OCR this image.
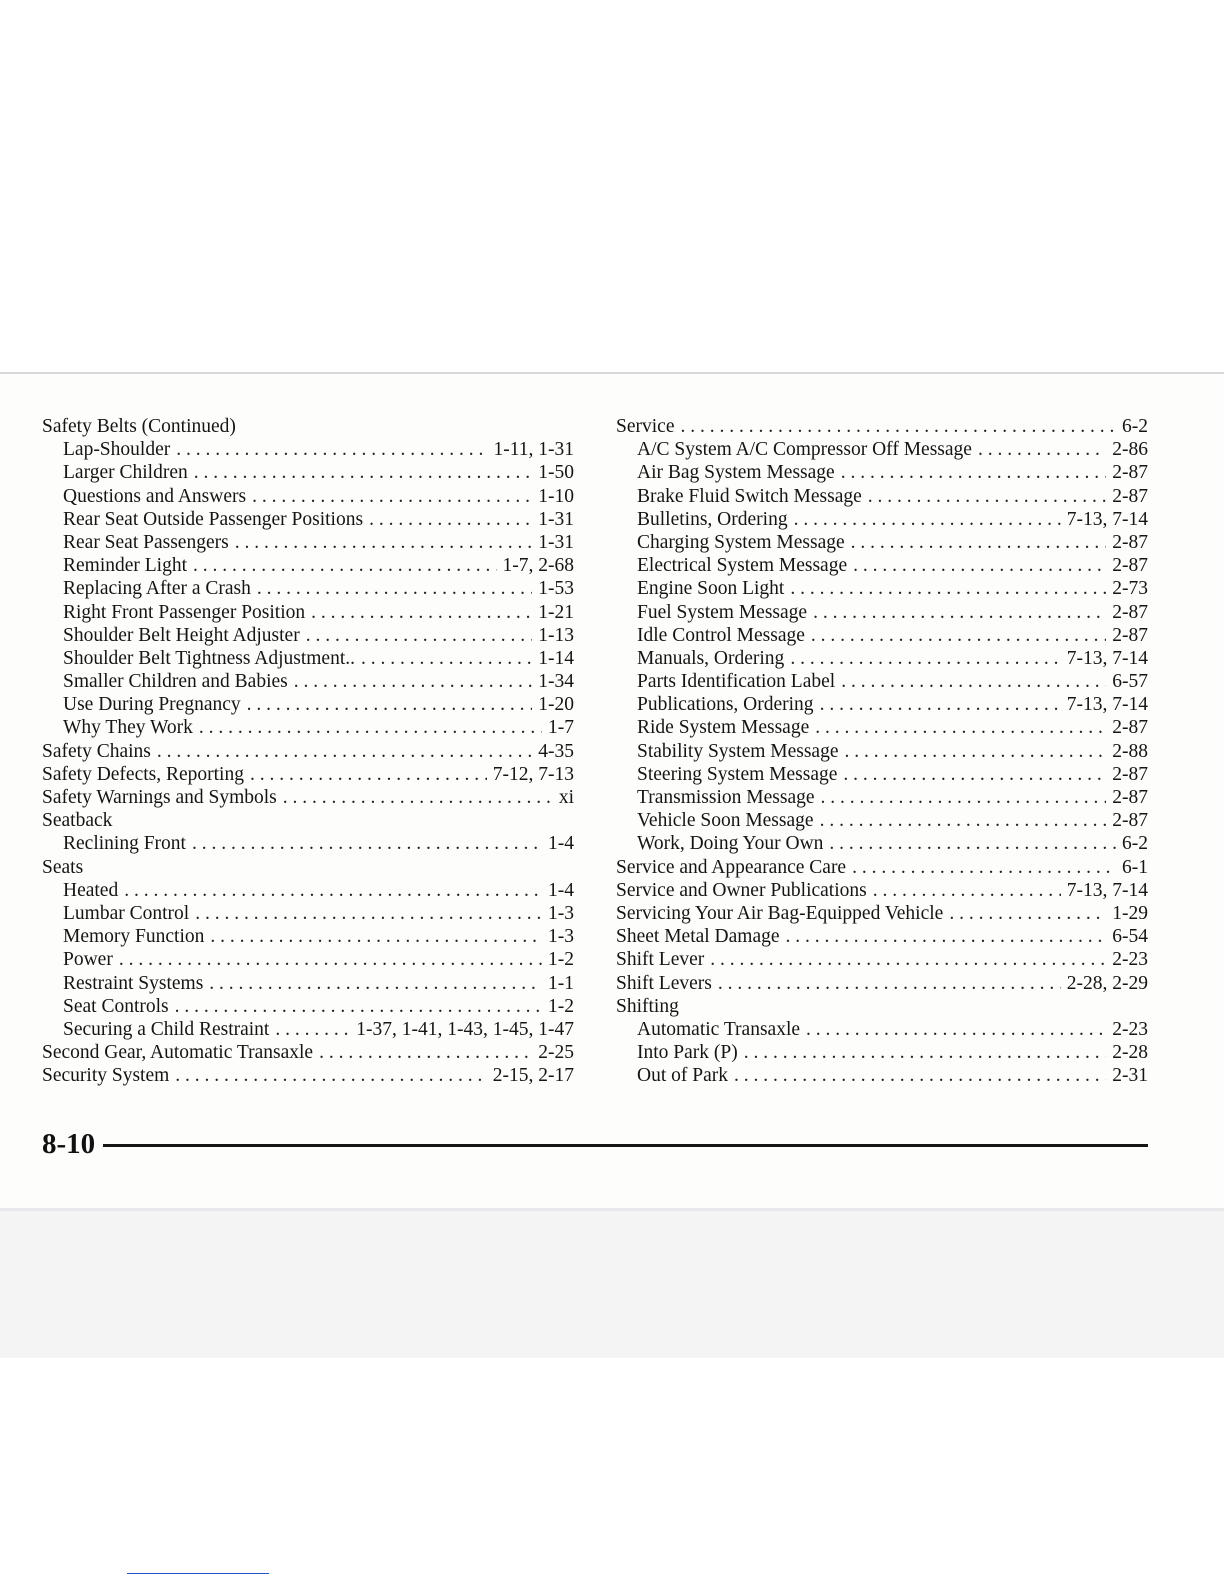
Safety Belts (Continued)
Lap-Shoulder . . .	1-11, 1-31
Larger Children . . .	1-50
Questions and Answers . . .	1-10
Rear Seat Outside Passenger Positions . . .	1-31
Rear Seat Passengers . . .	1-31
Reminder Light . . .	1-7, 2-68
Replacing After a Crash . . .	1-53
Right Front Passenger Position . . .	1-21
Shoulder Belt Height Adjuster . . .	1-13
Shoulder Belt Tightness Adjustment.. . . .	1-14
Smaller Children and Babies . . .	1-34
Use During Pregnancy . . .	1-20
Why They Work . . .	1-7
Safety Chains . . .	4-35
Safety Defects, Reporting . . .	7-12, 7-13
Safety Warnings and Symbols . . .	xi
Seatback
Reclining Front . . .	1-4
Seats
Heated . . .	1-4
Lumbar Control . . .	1-3
Memory Function . . .	1-3
Power . . .	1-2
Restraint Systems . . .	1-1
Seat Controls . . .	1-2
Securing a Child Restraint . . .	1-37, 1-41, 1-43, 1-45, 1-47
Second Gear, Automatic Transaxle . . .	2-25
Security System . . .	2-15, 2-17
Service . . .	6-2
A/C System A/C Compressor Off Message . . .	2-86
Air Bag System Message . . .	2-87
Brake Fluid Switch Message . . .	2-87
Bulletins, Ordering . . .	7-13, 7-14
Charging System Message . . .	2-87
Electrical System Message . . .	2-87
Engine Soon Light . . .	2-73
Fuel System Message . . .	2-87
Idle Control Message . . .	2-87
Manuals, Ordering . . .	7-13, 7-14
Parts Identification Label . . .	6-57
Publications, Ordering . . .	7-13, 7-14
Ride System Message . . .	2-87
Stability System Message . . .	2-88
Steering System Message . . .	2-87
Transmission Message . . .	2-87
Vehicle Soon Message . . .	2-87
Work, Doing Your Own . . .	6-2
Service and Appearance Care . . .	6-1
Service and Owner Publications . . .	7-13, 7-14
Servicing Your Air Bag-Equipped Vehicle . . .	1-29
Sheet Metal Damage . . .	6-54
Shift Lever . . .	2-23
Shift Levers . . .	2-28, 2-29
Shifting
Automatic Transaxle . . .	2-23
Into Park (P) . . .	2-28
Out of Park . . .	2-31
8-10
